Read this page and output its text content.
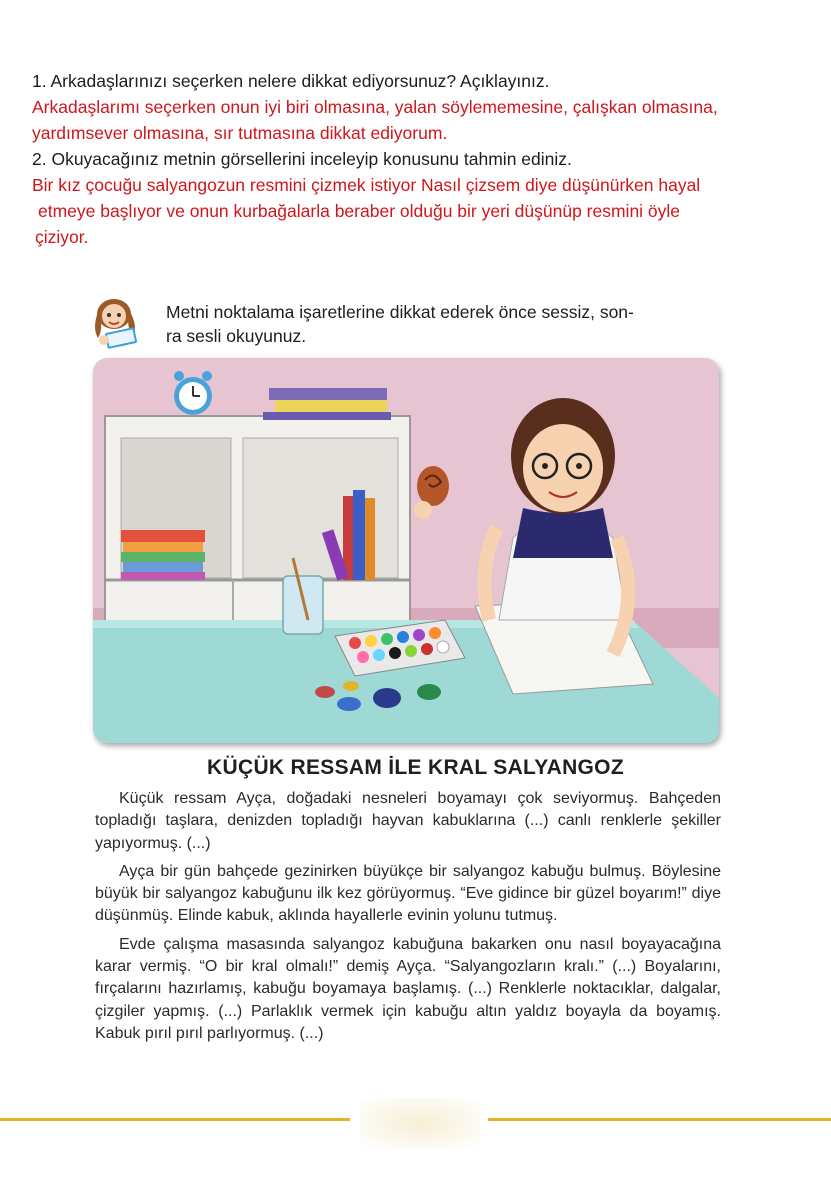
1. Arkadaşlarınızı seçerken nelere dikkat ediyorsunuz? Açıklayınız.
Arkadaşlarımı seçerken onun iyi biri olmasına, yalan söylememesine, çalışkan olmasına,
yardımsever olmasına, sır tutmasına dikkat ediyorum.
2. Okuyacağınız metnin görsellerini inceleyip konusunu tahmin ediniz.
Bir kız çocuğu salyangozun resmini çizmek istiyor Nasıl çizsem diye düşünürken hayal
etmeye başlıyor ve onun kurbağalarla beraber olduğu bir yeri düşünüp resmini öyle
çiziyor.
Metni noktalama işaretlerine dikkat ederek önce sessiz, son-
ra sesli okuyunuz.
KÜÇÜK RESSAM İLE KRAL SALYANGOZ

Küçük ressam Ayça, doğadaki nesneleri boyamayı çok seviyormuş. Bahçeden topladığı taşlara, denizden topladığı hayvan kabuklarına (...) canlı renklerle şekiller yapıyormuş. (...)

Ayça bir gün bahçede gezinirken büyükçe bir salyangoz kabuğu bulmuş. Böylesine büyük bir salyangoz kabuğunu ilk kez görüyormuş. “Eve gidince bir güzel boyarım!” diye düşünmüş. Elinde kabuk, aklında hayallerle evinin yolunu tutmuş.

Evde çalışma masasında salyangoz kabuğuna bakarken onu nasıl boyayacağına karar vermiş. “O bir kral olmalı!” demiş Ayça. “Salyangozların kralı.” (...) Boyalarını, fırçalarını hazırlamış, kabuğu boyamaya başlamış. (...) Renklerle noktacıklar, dalgalar, çizgiler yapmış. (...) Parlaklık vermek için kabuğu altın yaldız boyayla da boyamış. Kabuk pırıl pırıl parlıyormuş. (...)
